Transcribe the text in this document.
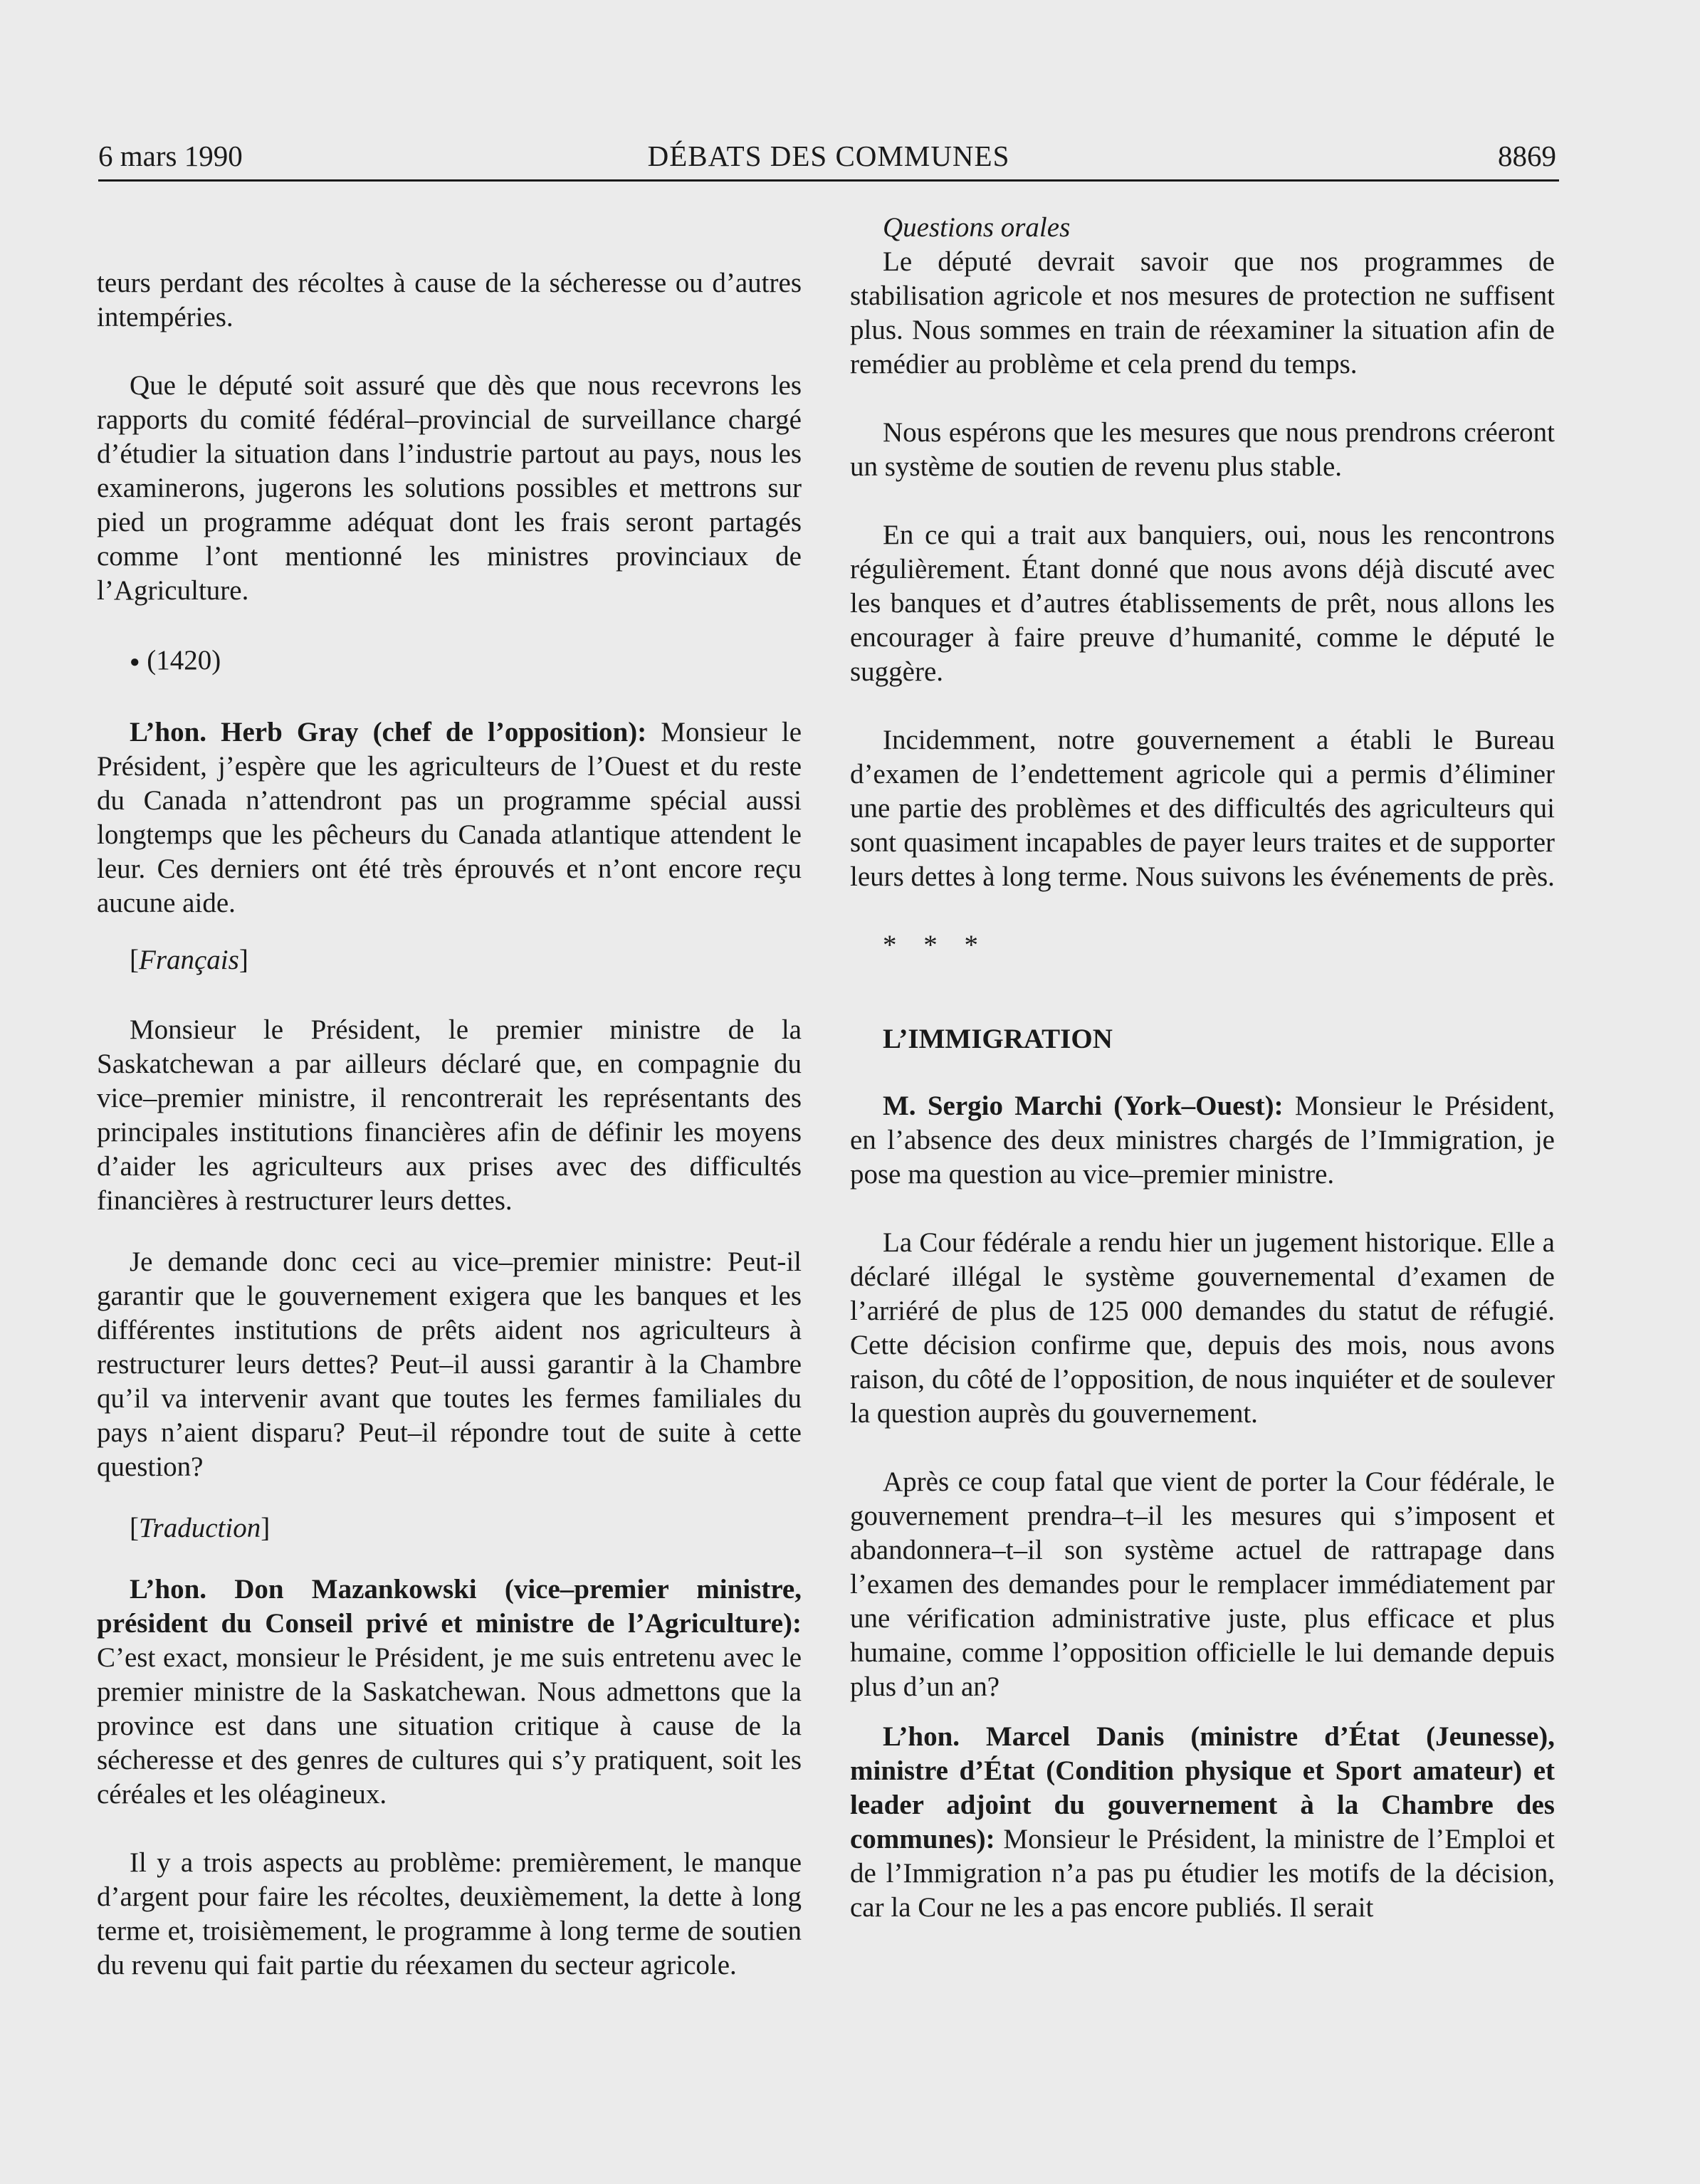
6 mars 1990	DÉBATS DES COMMUNES	8869

teurs perdant des récoltes à cause de la sécheresse ou d’autres intempéries.

Que le député soit assuré que dès que nous recevrons les rapports du comité fédéral–provincial de surveillance chargé d’étudier la situation dans l’industrie partout au pays, nous les examinerons, jugerons les solutions possibles et mettrons sur pied un programme adéquat dont les frais seront partagés comme l’ont mentionné les ministres provinciaux de l’Agriculture.

● (1420)

L’hon. Herb Gray (chef de l’opposition): Monsieur le Président, j’espère que les agriculteurs de l’Ouest et du reste du Canada n’attendront pas un programme spécial aussi longtemps que les pêcheurs du Canada atlantique attendent le leur. Ces derniers ont été très éprouvés et n’ont encore reçu aucune aide.

[Français]

Monsieur le Président, le premier ministre de la Saskatchewan a par ailleurs déclaré que, en compagnie du vice–premier ministre, il rencontrerait les représentants des principales institutions financières afin de définir les moyens d’aider les agriculteurs aux prises avec des difficultés financières à restructurer leurs dettes.

Je demande donc ceci au vice–premier ministre: Peut-il garantir que le gouvernement exigera que les banques et les différentes institutions de prêts aident nos agriculteurs à restructurer leurs dettes? Peut–il aussi garantir à la Chambre qu’il va intervenir avant que toutes les fermes familiales du pays n’aient disparu? Peut–il répondre tout de suite à cette question?

[Traduction]

L’hon. Don Mazankowski (vice–premier ministre, président du Conseil privé et ministre de l’Agriculture): C’est exact, monsieur le Président, je me suis entretenu avec le premier ministre de la Saskatchewan. Nous admettons que la province est dans une situation critique à cause de la sécheresse et des genres de cultures qui s’y pratiquent, soit les céréales et les oléagineux.

Il y a trois aspects au problème: premièrement, le manque d’argent pour faire les récoltes, deuxièmement, la dette à long terme et, troisièmement, le programme à long terme de soutien du revenu qui fait partie du réexamen du secteur agricole.

Questions orales

Le député devrait savoir que nos programmes de stabilisation agricole et nos mesures de protection ne suffisent plus. Nous sommes en train de réexaminer la situation afin de remédier au problème et cela prend du temps.

Nous espérons que les mesures que nous prendrons créeront un système de soutien de revenu plus stable.

En ce qui a trait aux banquiers, oui, nous les rencontrons régulièrement. Étant donné que nous avons déjà discuté avec les banques et d’autres établissements de prêt, nous allons les encourager à faire preuve d’humanité, comme le député le suggère.

Incidemment, notre gouvernement a établi le Bureau d’examen de l’endettement agricole qui a permis d’éliminer une partie des problèmes et des difficultés des agriculteurs qui sont quasiment incapables de payer leurs traites et de supporter leurs dettes à long terme. Nous suivons les événements de près.

* * *

L’IMMIGRATION

M. Sergio Marchi (York–Ouest): Monsieur le Président, en l’absence des deux ministres chargés de l’Immigration, je pose ma question au vice–premier ministre.

La Cour fédérale a rendu hier un jugement historique. Elle a déclaré illégal le système gouvernemental d’examen de l’arriéré de plus de 125 000 demandes du statut de réfugié. Cette décision confirme que, depuis des mois, nous avons raison, du côté de l’opposition, de nous inquiéter et de soulever la question auprès du gouvernement.

Après ce coup fatal que vient de porter la Cour fédérale, le gouvernement prendra–t–il les mesures qui s’imposent et abandonnera–t–il son système actuel de rattrapage dans l’examen des demandes pour le remplacer immédiatement par une vérification administrative juste, plus efficace et plus humaine, comme l’opposition officielle le lui demande depuis plus d’un an?

L’hon. Marcel Danis (ministre d’État (Jeunesse), ministre d’État (Condition physique et Sport amateur) et leader adjoint du gouvernement à la Chambre des communes): Monsieur le Président, la ministre de l’Emploi et de l’Immigration n’a pas pu étudier les motifs de la décision, car la Cour ne les a pas encore publiés. Il serait
